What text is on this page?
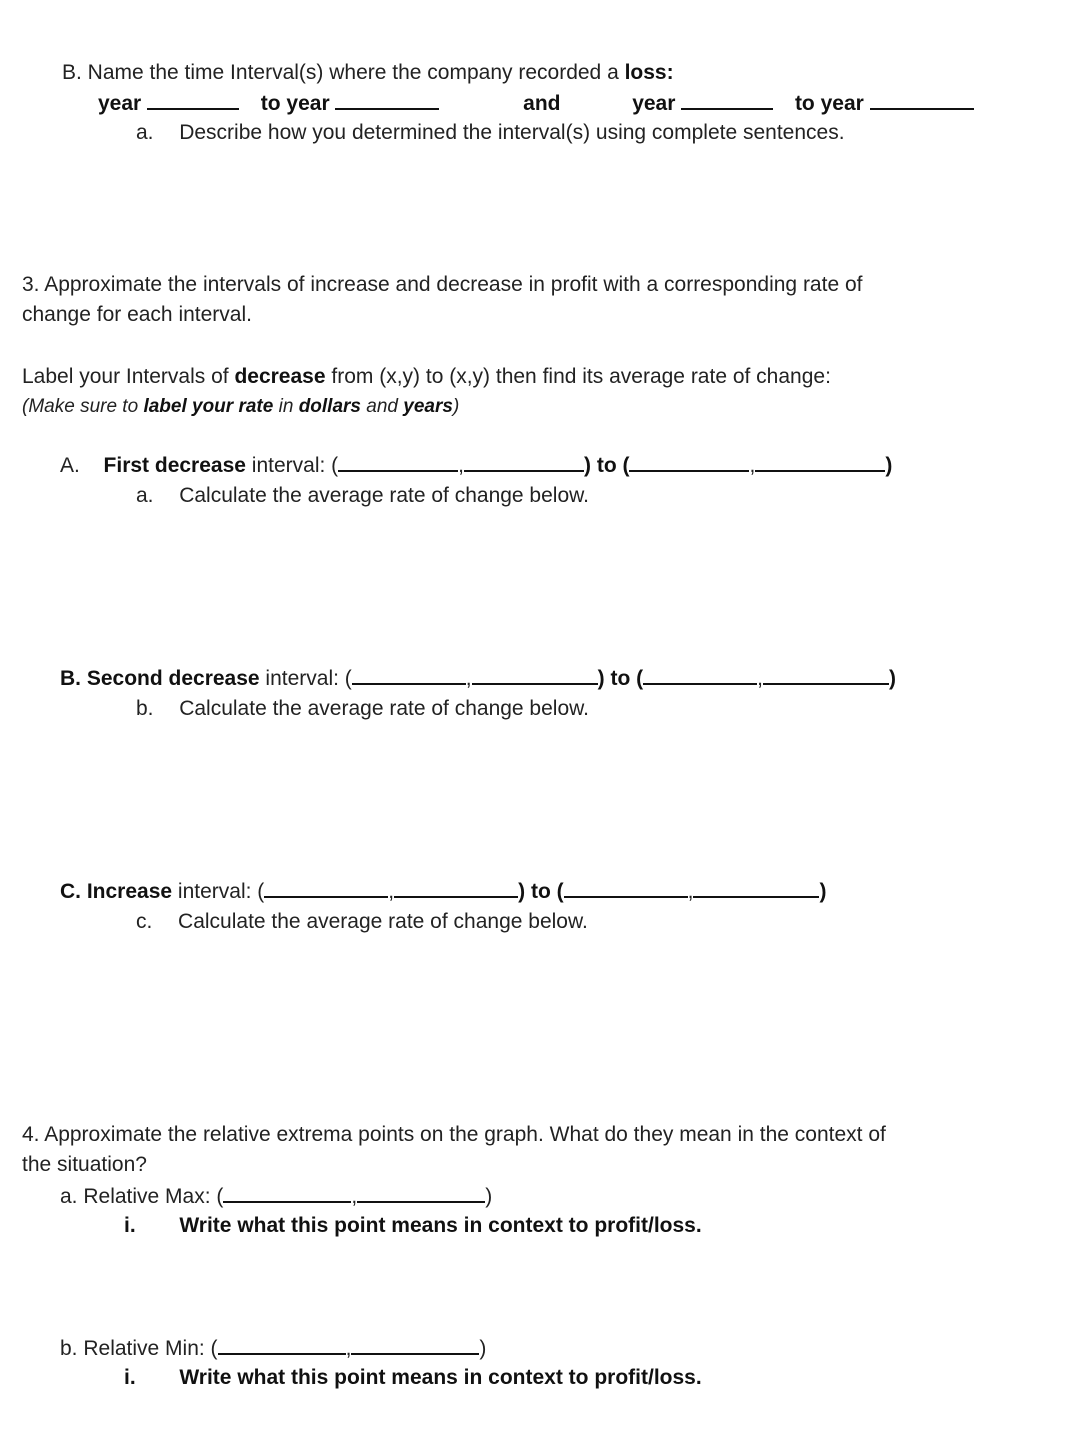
B. Name the time Interval(s) where the company recorded a loss:
year	to year	and	year	to year
a. Describe how you determined the interval(s) using complete sentences.
3. Approximate the intervals of increase and decrease in profit with a corresponding rate of
change for each interval.
Label your Intervals of decrease from (x,y) to (x,y) then find its average rate of change:
(Make sure to label your rate in dollars and years)
A. First decrease interval: (	,	) to (	,	)
a. Calculate the average rate of change below.
B. Second decrease interval: (	,	) to (	,	)
b. Calculate the average rate of change below.
C. Increase interval: (	,	) to (	,	)
c. Calculate the average rate of change below.
4. Approximate the relative extrema points on the graph. What do they mean in the context of
the situation?
a. Relative Max: (	,	)
i. Write what this point means in context to profit/loss.
b. Relative Min: (	,	)
i. Write what this point means in context to profit/loss.
